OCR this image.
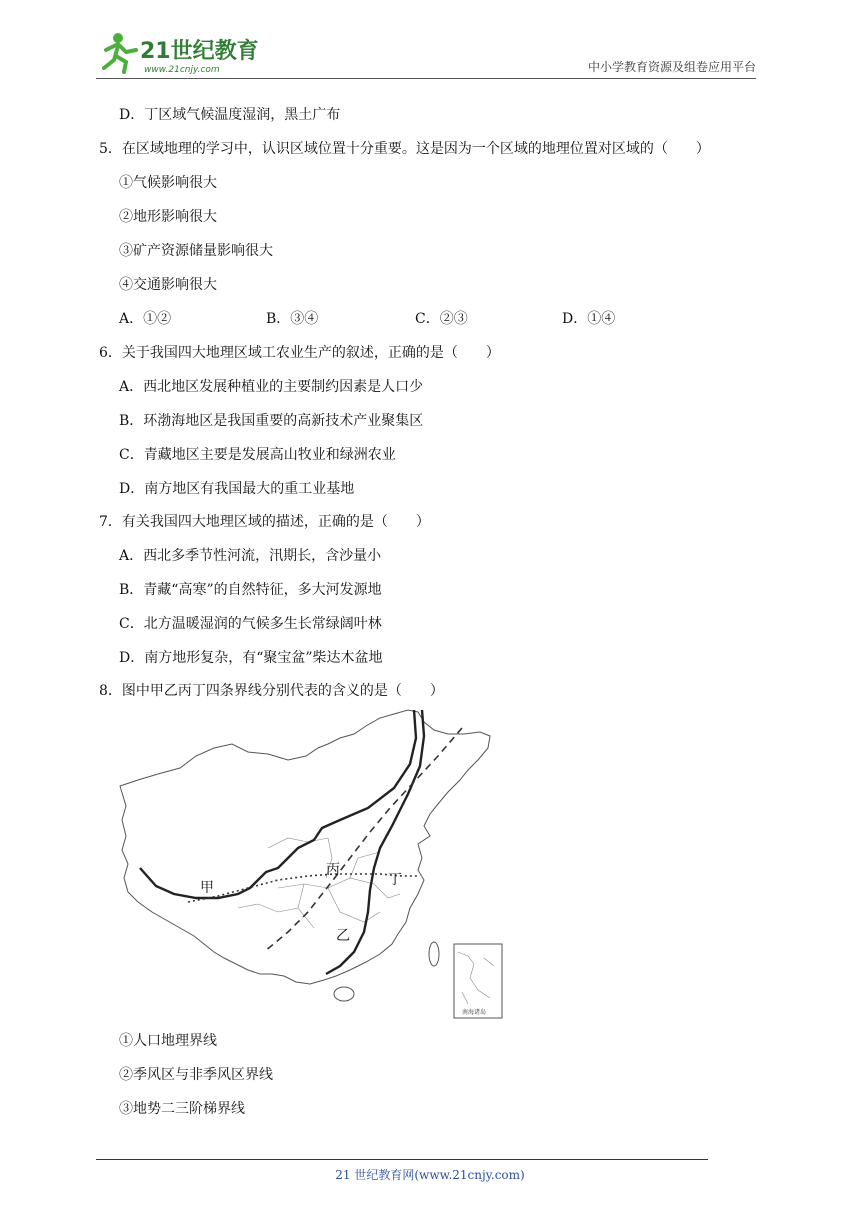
21世纪教育
www.21cnjy.com	中小学教育资源及组卷应用平台
D．丁区域气候温度湿润，黑土广布
5．在区域地理的学习中，认识区域位置十分重要。这是因为一个区域的地理位置对区域的（　　）
①气候影响很大
②地形影响很大
③矿产资源储量影响很大
④交通影响很大
A．①②	B．③④	C．②③	D．①④
6．关于我国四大地理区域工农业生产的叙述，正确的是（　　）
A．西北地区发展种植业的主要制约因素是人口少
B．环渤海地区是我国重要的高新技术产业聚集区
C．青藏地区主要是发展高山牧业和绿洲农业
D．南方地区有我国最大的重工业基地
7．有关我国四大地理区域的描述，正确的是（　　）
A．西北多季节性河流，汛期长，含沙量小
B．青藏“高寒”的自然特征，多大河发源地
C．北方温暖湿润的气候多生长常绿阔叶林
D．南方地形复杂，有“聚宝盆”柴达木盆地
8．图中甲乙丙丁四条界线分别代表的含义的是（　　）
甲
乙
丙
丁
南海诸岛
①人口地理界线
②季风区与非季风区界线
③地势二三阶梯界线
21 世纪教育网(www.21cnjy.com)
